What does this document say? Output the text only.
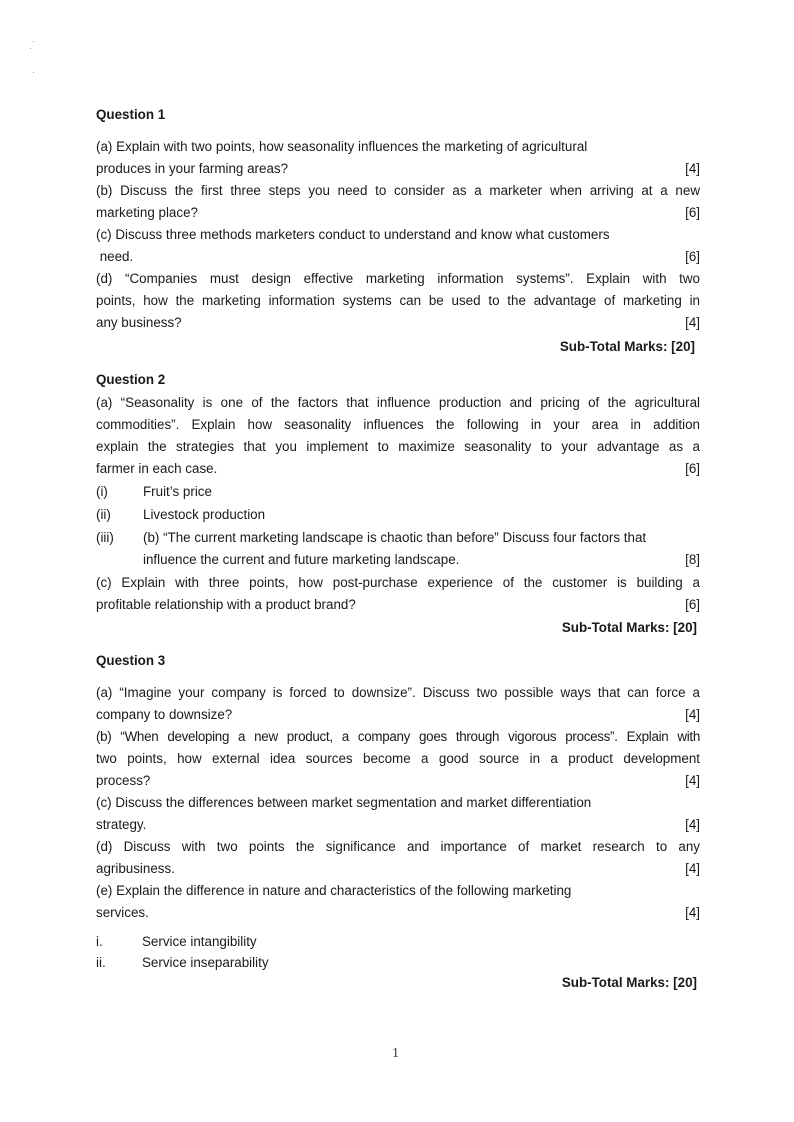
Question 1
(a) Explain with two points, how seasonality influences the marketing of agricultural
produces in your farming areas?	[4]
(b) Discuss the first three steps you need to consider as a marketer when arriving at a new
marketing place?	[6]
(c) Discuss three methods marketers conduct to understand and know what customers
need.	[6]
(d) “Companies must design effective marketing information systems”. Explain with two
points, how the marketing information systems can be used to the advantage of marketing in
any business?	[4]
Sub-Total Marks: [20]
Question 2
(a) “Seasonality is one of the factors that influence production and pricing of the agricultural
commodities”. Explain how seasonality influences the following in your area in addition
explain the strategies that you implement to maximize seasonality to your advantage as a
farmer in each case.	[6]
(i)	Fruit’s price
(ii) Livestock production
(iii) (b) “The current marketing landscape is chaotic than before” Discuss four factors that
influence the current and future marketing landscape.	[8]
(c) Explain with three points, how post-purchase experience of the customer is building a
profitable relationship with a product brand?	[6]
Sub-Total Marks: [20]
Question 3
(a) “Imagine your company is forced to downsize”. Discuss two possible ways that can force a
company to downsize?	[4]
(b) “When developing a new product, a company goes through vigorous process”. Explain with
two points, how external idea sources become a good source in a product development
process?	[4]
(c) Discuss the differences between market segmentation and market differentiation
strategy.	[4]
(d) Discuss with two points the significance and importance of market research to any
agribusiness.	[4]
(e) Explain the difference in nature and characteristics of the following marketing
services.	[4]
i.	Service intangibility
ii.	Service inseparability
Sub-Total Marks: [20]
1
